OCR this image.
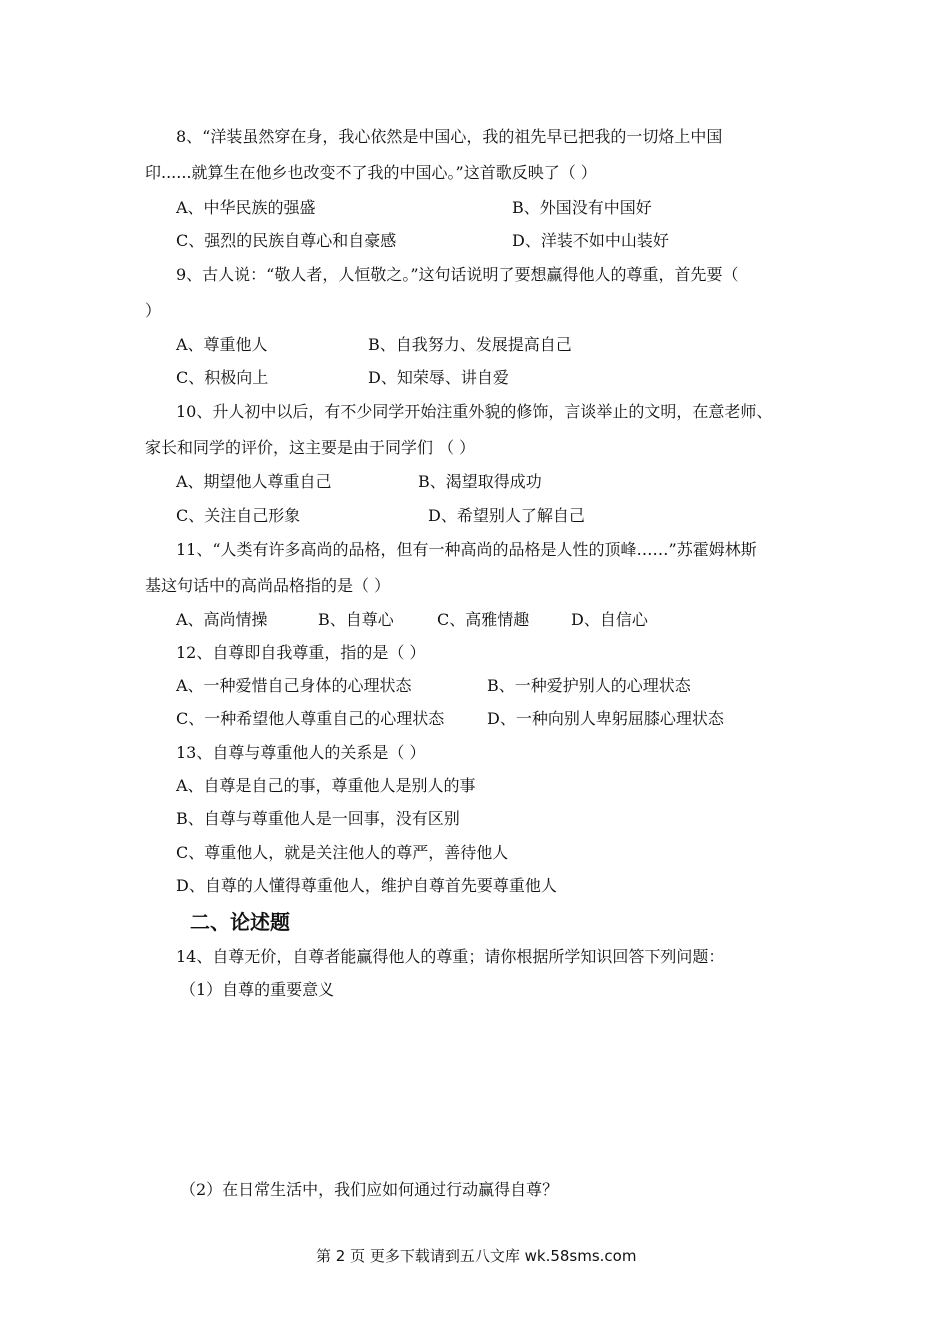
8、“洋装虽然穿在身，我心依然是中国心，我的祖先早已把我的一切烙上中国
印......就算生在他乡也改变不了我的中国心。”这首歌反映了（ ）
A、中华民族的强盛	B、外国没有中国好
C、强烈的民族自尊心和自豪感	D、洋装不如中山装好
9、古人说：“敬人者，人恒敬之。”这句话说明了要想赢得他人的尊重，首先要（
）
A、尊重他人	B、自我努力、发展提高自己
C、积极向上	D、知荣辱、讲自爱
10、升人初中以后，有不少同学开始注重外貌的修饰，言谈举止的文明，在意老师、
家长和同学的评价，这主要是由于同学们 （ ）
A、期望他人尊重自己	B、渴望取得成功
C、关注自己形象	D、希望别人了解自己
11、“人类有许多高尚的品格，但有一种高尚的品格是人性的顶峰……”苏霍姆林斯
基这句话中的高尚品格指的是（ ）
A、高尚情操	B、自尊心	C、高雅情趣	D、自信心
12、自尊即自我尊重，指的是（ ）
A、一种爱惜自己身体的心理状态	B、一种爱护别人的心理状态
C、一种希望他人尊重自己的心理状态	D、一种向别人卑躬屈膝心理状态
13、自尊与尊重他人的关系是（ ）
A、自尊是自己的事，尊重他人是别人的事
B、自尊与尊重他人是一回事，没有区别
C、尊重他人，就是关注他人的尊严，善待他人
D、自尊的人懂得尊重他人，维护自尊首先要尊重他人
二、论述题
14、自尊无价，自尊者能赢得他人的尊重；请你根据所学知识回答下列问题：
（1）自尊的重要意义
（2）在日常生活中，我们应如何通过行动赢得自尊？
第 2 页 更多下载请到五八文库 wk.58sms.com
